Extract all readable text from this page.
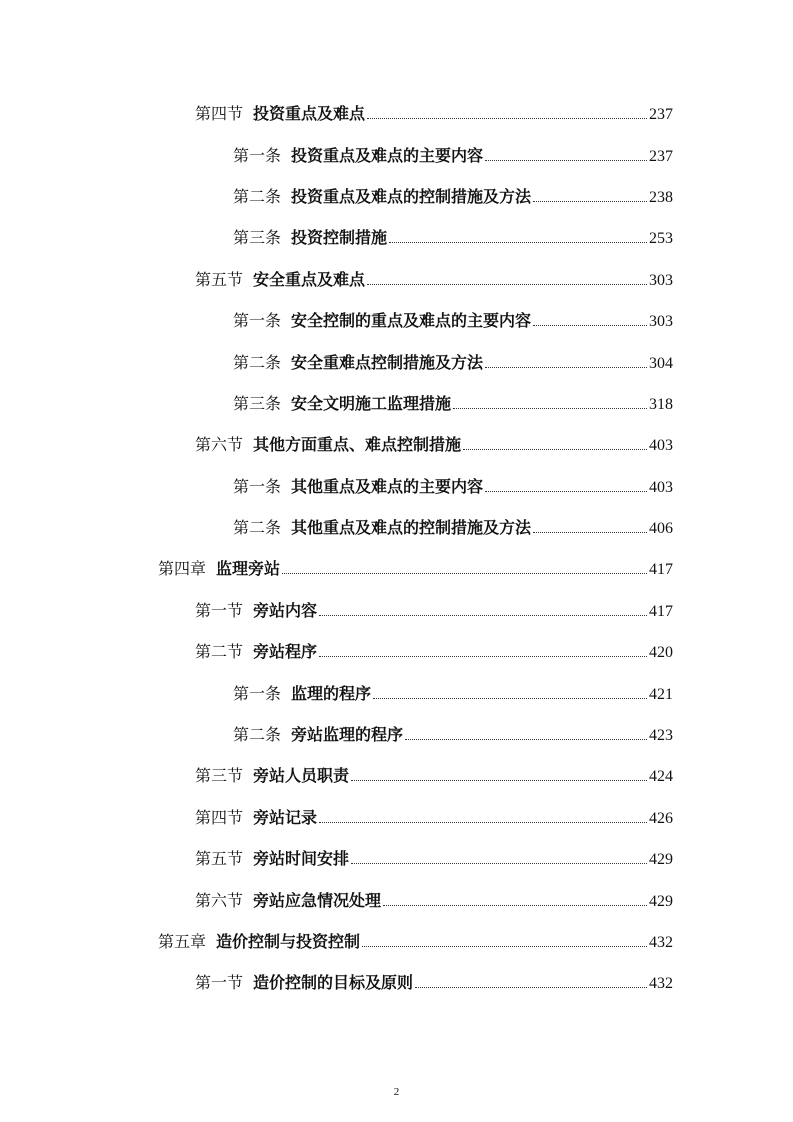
第四节 投资重点及难点	237
第一条 投资重点及难点的主要内容	237
第二条 投资重点及难点的控制措施及方法	238
第三条 投资控制措施	253
第五节 安全重点及难点	303
第一条 安全控制的重点及难点的主要内容	303
第二条 安全重难点控制措施及方法	304
第三条 安全文明施工监理措施	318
第六节 其他方面重点、难点控制措施	403
第一条 其他重点及难点的主要内容	403
第二条 其他重点及难点的控制措施及方法	406
第四章 监理旁站	417
第一节 旁站内容	417
第二节 旁站程序	420
第一条 监理的程序	421
第二条 旁站监理的程序	423
第三节 旁站人员职责	424
第四节 旁站记录	426
第五节 旁站时间安排	429
第六节 旁站应急情况处理	429
第五章 造价控制与投资控制	432
第一节 造价控制的目标及原则	432
2
